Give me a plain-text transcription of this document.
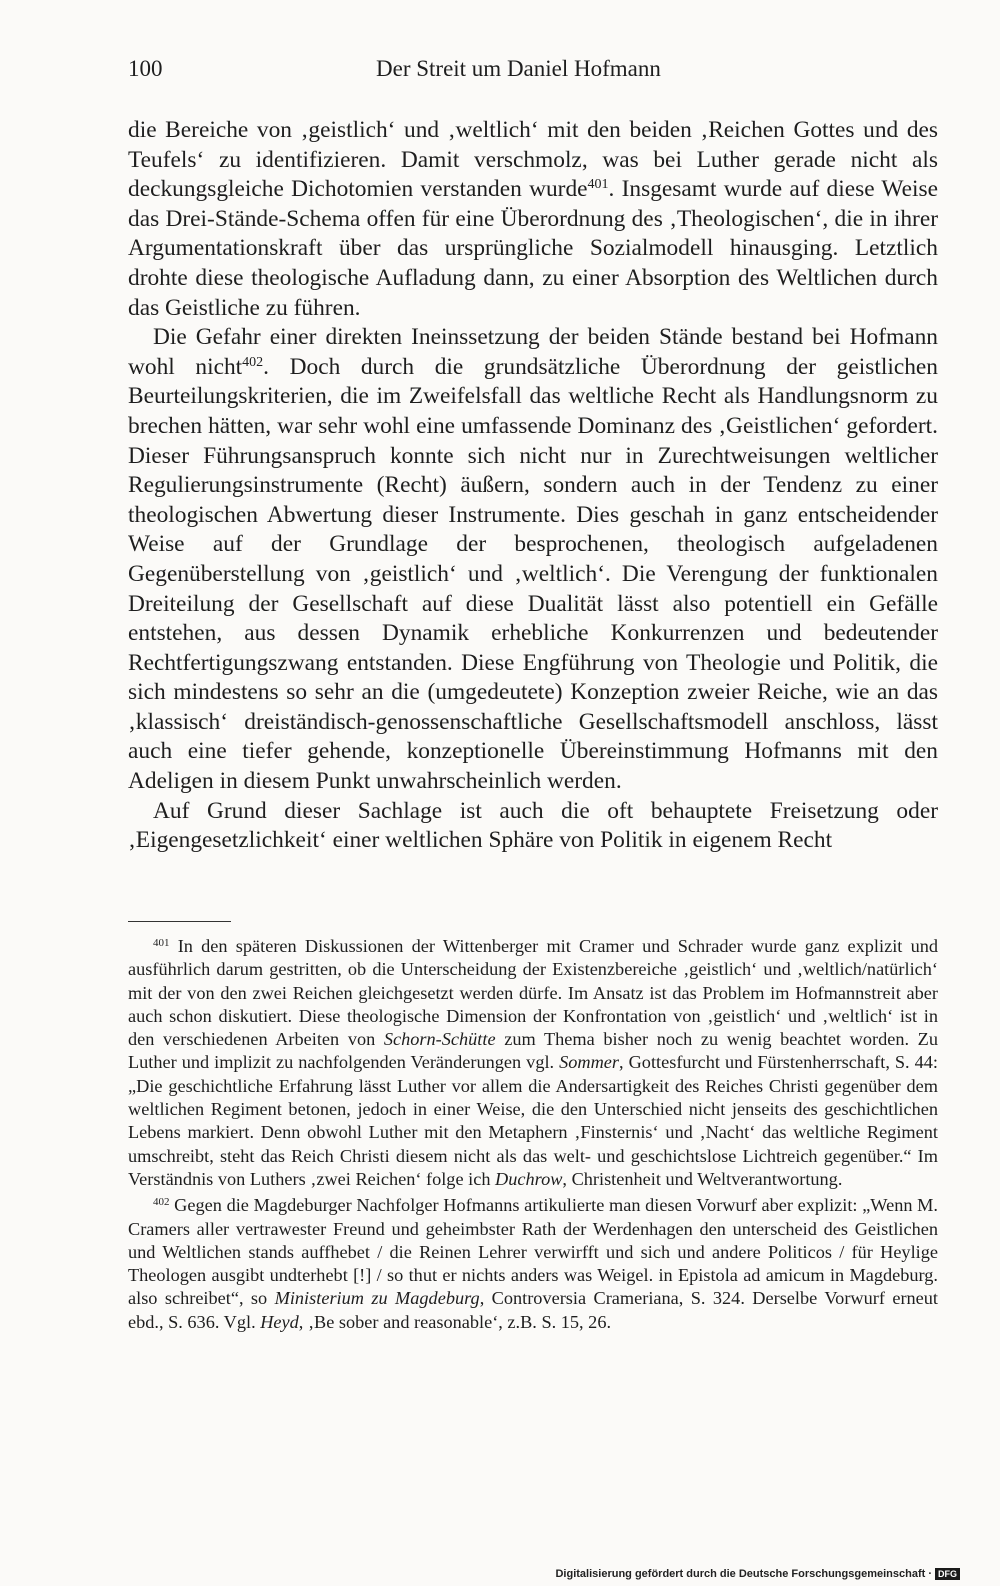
100	Der Streit um Daniel Hofmann

die Bereiche von ‚geistlich‘ und ‚weltlich‘ mit den beiden ‚Reichen Gottes und des Teufels‘ zu identifizieren. Damit verschmolz, was bei Luther gerade nicht als deckungsgleiche Dichotomien verstanden wurde$^{401}$. Insgesamt wurde auf diese Weise das Drei-Stände-Schema offen für eine Überordnung des ‚Theologischen‘, die in ihrer Argumentationskraft über das ursprüngliche Sozialmodell hinausging. Letztlich drohte diese theologische Aufladung dann, zu einer Absorption des Weltlichen durch das Geistliche zu führen.

Die Gefahr einer direkten Ineinssetzung der beiden Stände bestand bei Hofmann wohl nicht$^{402}$. Doch durch die grundsätzliche Überordnung der geistlichen Beurteilungskriterien, die im Zweifelsfall das weltliche Recht als Handlungsnorm zu brechen hätten, war sehr wohl eine umfassende Dominanz des ‚Geistlichen‘ gefordert. Dieser Führungsanspruch konnte sich nicht nur in Zurechtweisungen weltlicher Regulierungsinstrumente (Recht) äußern, sondern auch in der Tendenz zu einer theologischen Abwertung dieser Instrumente. Dies geschah in ganz entscheidender Weise auf der Grundlage der besprochenen, theologisch aufgeladenen Gegenüberstellung von ‚geistlich‘ und ‚weltlich‘. Die Verengung der funktionalen Dreiteilung der Gesellschaft auf diese Dualität lässt also potentiell ein Gefälle entstehen, aus dessen Dynamik erhebliche Konkurrenzen und bedeutender Rechtfertigungszwang entstanden. Diese Engführung von Theologie und Politik, die sich mindestens so sehr an die (umgedeutete) Konzeption zweier Reiche, wie an das ‚klassisch‘ dreiständisch-genossenschaftliche Gesellschaftsmodell anschloss, lässt auch eine tiefer gehende, konzeptionelle Übereinstimmung Hofmanns mit den Adeligen in diesem Punkt unwahrscheinlich werden.

Auf Grund dieser Sachlage ist auch die oft behauptete Freisetzung oder ‚Eigengesetzlichkeit‘ einer weltlichen Sphäre von Politik in eigenem Recht

$^{401}$ In den späteren Diskussionen der Wittenberger mit Cramer und Schrader wurde ganz explizit und ausführlich darum gestritten, ob die Unterscheidung der Existenzbereiche ‚geistlich‘ und ‚weltlich/natürlich‘ mit der von den zwei Reichen gleichgesetzt werden dürfe. Im Ansatz ist das Problem im Hofmannstreit aber auch schon diskutiert. Diese theologische Dimension der Konfrontation von ‚geistlich‘ und ‚weltlich‘ ist in den verschiedenen Arbeiten von Schorn-Schütte zum Thema bisher noch zu wenig beachtet worden. Zu Luther und implizit zu nachfolgenden Veränderungen vgl. Sommer, Gottesfurcht und Fürstenherrschaft, S. 44: „Die geschichtliche Erfahrung lässt Luther vor allem die Andersartigkeit des Reiches Christi gegenüber dem weltlichen Regiment betonen, jedoch in einer Weise, die den Unterschied nicht jenseits des geschichtlichen Lebens markiert. Denn obwohl Luther mit den Metaphern ‚Finsternis‘ und ‚Nacht‘ das weltliche Regiment umschreibt, steht das Reich Christi diesem nicht als das welt- und geschichtslose Lichtreich gegenüber.“ Im Verständnis von Luthers ‚zwei Reichen‘ folge ich Duchrow, Christenheit und Weltverantwortung.

$^{402}$ Gegen die Magdeburger Nachfolger Hofmanns artikulierte man diesen Vorwurf aber explizit: „Wenn M. Cramers aller vertrawester Freund und geheimbster Rath der Werdenhagen den unterscheid des Geistlichen und Weltlichen stands auffhebet / die Reinen Lehrer verwirfft und sich und andere Politicos / für Heylige Theologen ausgibt undterhebt [!] / so thut er nichts anders was Weigel. in Epistola ad amicum in Magdeburg. also schreibet“, so Ministerium zu Magdeburg, Controversia Crameriana, S. 324. Derselbe Vorwurf erneut ebd., S. 636. Vgl. Heyd, ‚Be sober and reasonable‘, z.B. S. 15, 26.

Digitalisierung gefördert durch die Deutsche Forschungsgemeinschaft · DFG
